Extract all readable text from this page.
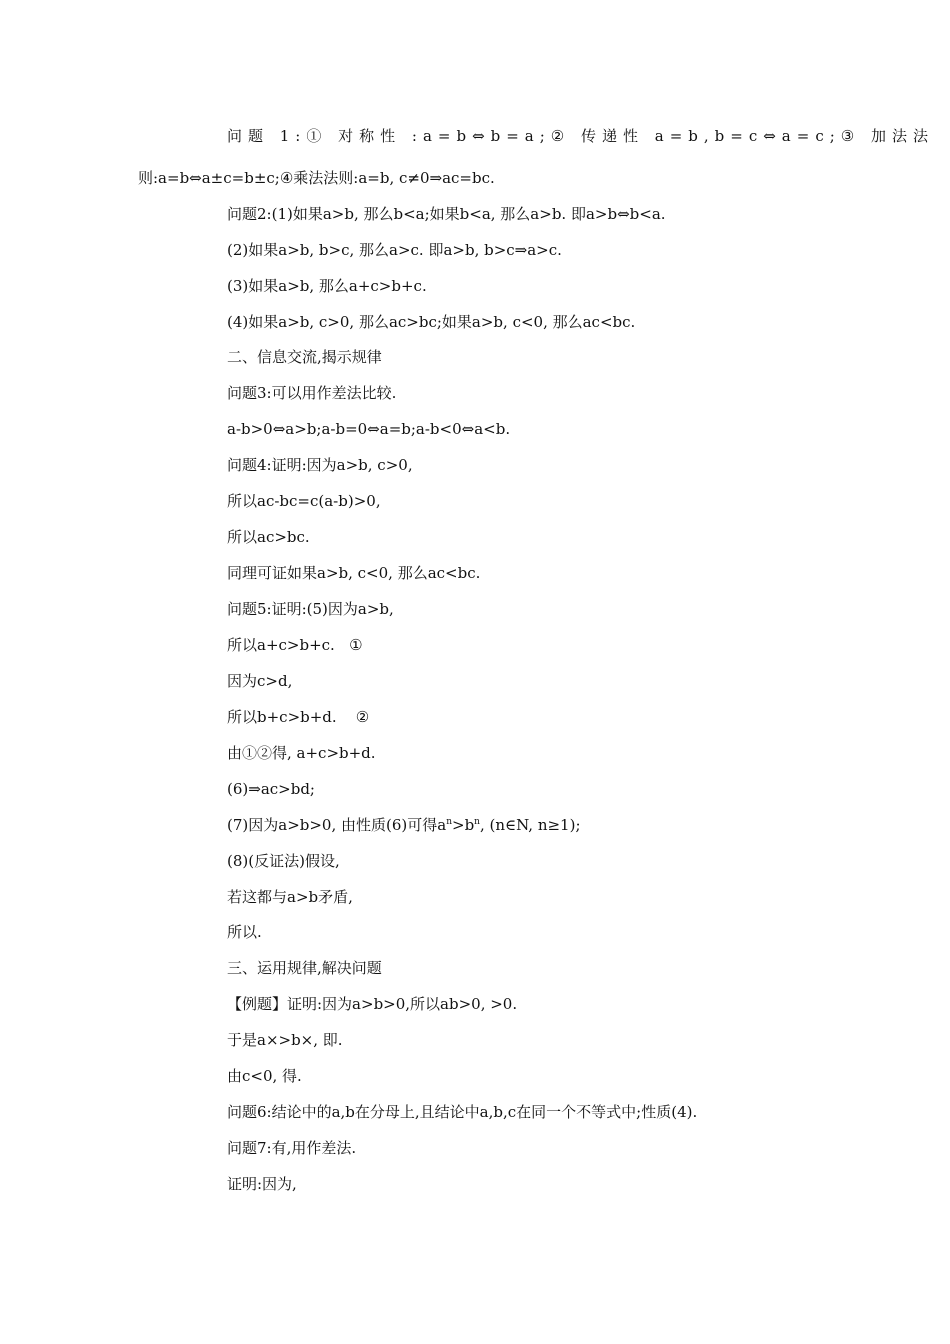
问题 1:① 对称性 :a=b⇔b=a;② 传递性 a=b,b=c⇔a=c;③ 加法法
则:a=b⇔a±c=b±c;④乘法法则:a=b, c≠0⇒ac=bc.
问题2:(1)如果a>b, 那么b<a;如果b<a, 那么a>b. 即a>b⇔b<a.
(2)如果a>b, b>c, 那么a>c. 即a>b, b>c⇒a>c.
(3)如果a>b, 那么a+c>b+c.
(4)如果a>b, c>0, 那么ac>bc;如果a>b, c<0, 那么ac<bc.
二、信息交流,揭示规律
问题3:可以用作差法比较.
a-b>0⇔a>b;a-b=0⇔a=b;a-b<0⇔a<b.
问题4:证明:因为a>b, c>0,
所以ac-bc=c(a-b)>0,
所以ac>bc.
同理可证如果a>b, c<0, 那么ac<bc.
问题5:证明:(5)因为a>b,
所以a+c>b+c.   ①
因为c>d,
所以b+c>b+d.    ②
由①②得, a+c>b+d.
(6)⇒ac>bd;
(7)因为a>b>0, 由性质(6)可得$a^n>b^n$, (n∈N, n≥1);
(8)(反证法)假设,
若这都与a>b矛盾,
所以.
三、运用规律,解决问题
【例题】证明:因为a>b>0,所以ab>0, >0.
于是a×>b×, 即.
由c<0, 得.
问题6:结论中的a,b在分母上,且结论中a,b,c在同一个不等式中;性质(4).
问题7:有,用作差法.
证明:因为,
